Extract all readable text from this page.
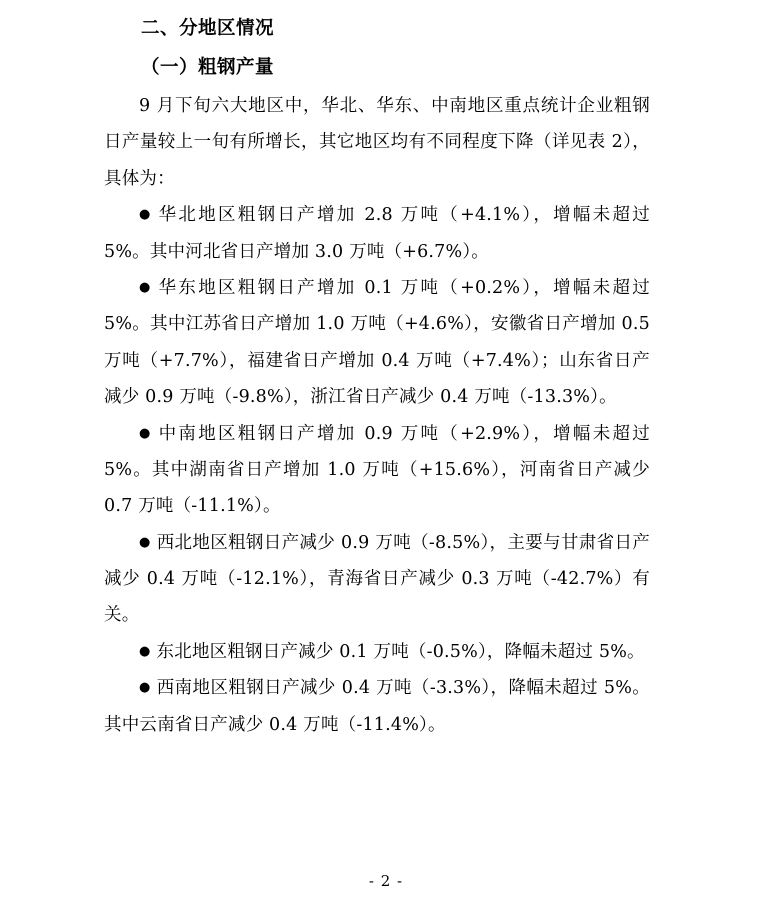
二、分地区情况
（一）粗钢产量

9 月下旬六大地区中，华北、华东、中南地区重点统计企业粗钢日产量较上一旬有所增长，其它地区均有不同程度下降（详见表 2），具体为：

● 华北地区粗钢日产增加 2.8 万吨（+4.1%），增幅未超过 5%。其中河北省日产增加 3.0 万吨（+6.7%）。

● 华东地区粗钢日产增加 0.1 万吨（+0.2%），增幅未超过 5%。其中江苏省日产增加 1.0 万吨（+4.6%），安徽省日产增加 0.5 万吨（+7.7%），福建省日产增加 0.4 万吨（+7.4%）；山东省日产减少 0.9 万吨（-9.8%），浙江省日产减少 0.4 万吨（-13.3%）。

● 中南地区粗钢日产增加 0.9 万吨（+2.9%），增幅未超过 5%。其中湖南省日产增加 1.0 万吨（+15.6%），河南省日产减少 0.7 万吨（-11.1%）。

● 西北地区粗钢日产减少 0.9 万吨（-8.5%），主要与甘肃省日产减少 0.4 万吨（-12.1%），青海省日产减少 0.3 万吨（-42.7%）有关。

● 东北地区粗钢日产减少 0.1 万吨（-0.5%），降幅未超过 5%。

● 西南地区粗钢日产减少 0.4 万吨（-3.3%），降幅未超过 5%。其中云南省日产减少 0.4 万吨（-11.4%）。

- 2 -
